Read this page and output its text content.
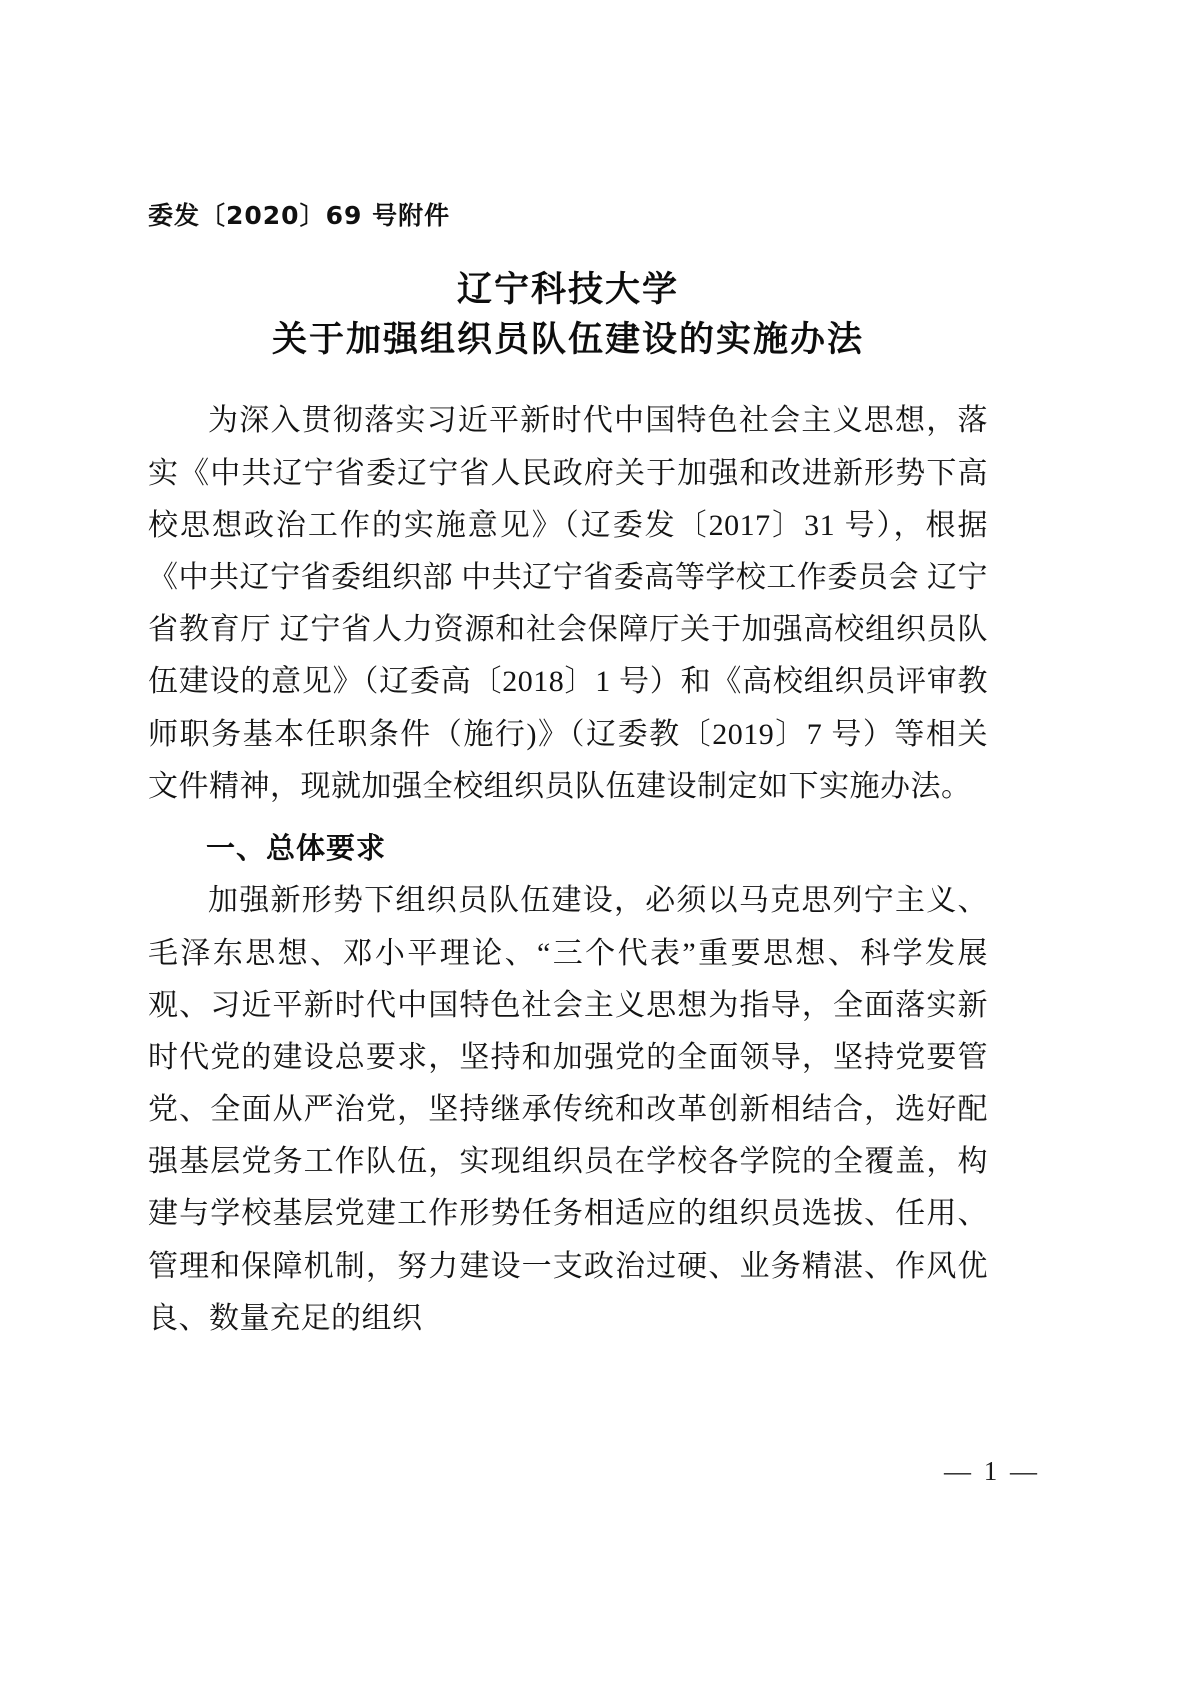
委发〔2020〕69 号附件
辽宁科技大学
关于加强组织员队伍建设的实施办法

为深入贯彻落实习近平新时代中国特色社会主义思想，落实《中共辽宁省委辽宁省人民政府关于加强和改进新形势下高校思想政治工作的实施意见》（辽委发〔2017〕31 号），根据《中共辽宁省委组织部 中共辽宁省委高等学校工作委员会 辽宁省教育厅 辽宁省人力资源和社会保障厅关于加强高校组织员队伍建设的意见》（辽委高〔2018〕1 号）和《高校组织员评审教师职务基本任职条件（施行)》（辽委教〔2019〕7 号）等相关文件精神，现就加强全校组织员队伍建设制定如下实施办法。

一、总体要求

加强新形势下组织员队伍建设，必须以马克思列宁主义、毛泽东思想、邓小平理论、“三个代表”重要思想、科学发展观、习近平新时代中国特色社会主义思想为指导，全面落实新时代党的建设总要求，坚持和加强党的全面领导，坚持党要管党、全面从严治党，坚持继承传统和改革创新相结合，选好配强基层党务工作队伍，实现组织员在学校各学院的全覆盖，构建与学校基层党建工作形势任务相适应的组织员选拔、任用、管理和保障机制，努力建设一支政治过硬、业务精湛、作风优良、数量充足的组织

— 1 —
